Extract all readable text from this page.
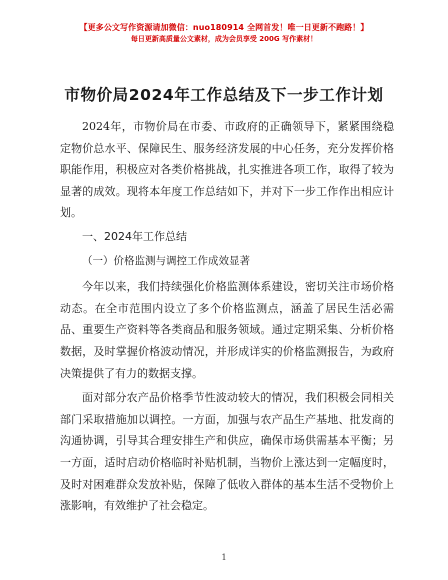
【更多公文写作资源请加微信：nuo180914 全网首发！唯一日更新不跑路！】
每日更新高质量公文素材，成为会员享受 200G 写作素材！
市物价局2024年工作总结及下一步工作计划

2024年，市物价局在市委、市政府的正确领导下，紧紧围绕稳定物价总水平、保障民生、服务经济发展的中心任务，充分发挥价格职能作用，积极应对各类价格挑战，扎实推进各项工作，取得了较为显著的成效。现将本年度工作总结如下，并对下一步工作作出相应计划。

一、2024年工作总结
（一）价格监测与调控工作成效显著

今年以来，我们持续强化价格监测体系建设，密切关注市场价格动态。在全市范围内设立了多个价格监测点，涵盖了居民生活必需品、重要生产资料等各类商品和服务领域。通过定期采集、分析价格数据，及时掌握价格波动情况，并形成详实的价格监测报告，为政府决策提供了有力的数据支撑。

面对部分农产品价格季节性波动较大的情况，我们积极会同相关部门采取措施加以调控。一方面，加强与农产品生产基地、批发商的沟通协调，引导其合理安排生产和供应，确保市场供需基本平衡；另一方面，适时启动价格临时补贴机制，当物价上涨达到一定幅度时，及时对困难群众发放补贴，保障了低收入群体的基本生活不受物价上涨影响，有效维护了社会稳定。

1
